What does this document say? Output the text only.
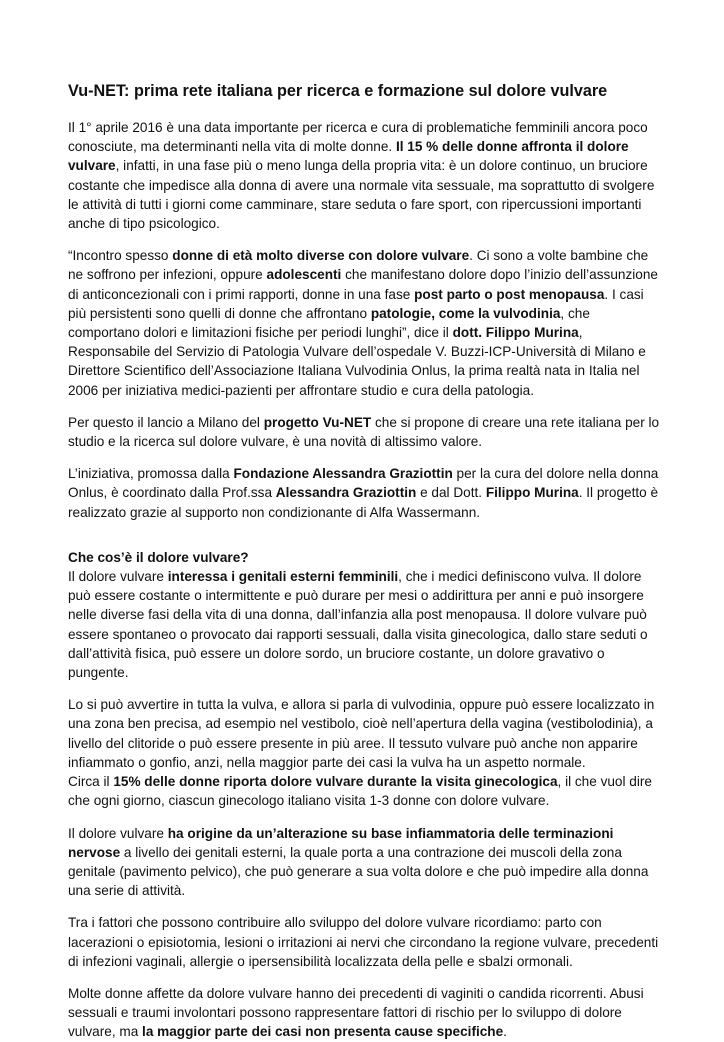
Vu-NET: prima rete italiana per ricerca e formazione sul dolore vulvare

Il 1° aprile 2016 è una data importante per ricerca e cura di problematiche femminili ancora poco conosciute, ma determinanti nella vita di molte donne. Il 15 % delle donne affronta il dolore vulvare, infatti, in una fase più o meno lunga della propria vita: è un dolore continuo, un bruciore costante che impedisce alla donna di avere una normale vita sessuale, ma soprattutto di svolgere le attività di tutti i giorni come camminare, stare seduta o fare sport, con ripercussioni importanti anche di tipo psicologico.

“Incontro spesso donne di età molto diverse con dolore vulvare. Ci sono a volte bambine che ne soffrono per infezioni, oppure adolescenti che manifestano dolore dopo l’inizio dell’assunzione di anticoncezionali con i primi rapporti, donne in una fase post parto o post menopausa. I casi più persistenti sono quelli di donne che affrontano patologie, come la vulvodinia, che comportano dolori e limitazioni fisiche per periodi lunghi”, dice il dott. Filippo Murina, Responsabile del Servizio di Patologia Vulvare dell’ospedale V. Buzzi-ICP-Università di Milano e Direttore Scientifico dell’Associazione Italiana Vulvodinia Onlus, la prima realtà nata in Italia nel 2006 per iniziativa medici-pazienti per affrontare studio e cura della patologia.

Per questo il lancio a Milano del progetto Vu-NET che si propone di creare una rete italiana per lo studio e la ricerca sul dolore vulvare, è una novità di altissimo valore.

L’iniziativa, promossa dalla Fondazione Alessandra Graziottin per la cura del dolore nella donna Onlus, è coordinato dalla Prof.ssa Alessandra Graziottin e dal Dott. Filippo Murina. Il progetto è realizzato grazie al supporto non condizionante di Alfa Wassermann.

Che cos’è il dolore vulvare?

Il dolore vulvare interessa i genitali esterni femminili, che i medici definiscono vulva. Il dolore può essere costante o intermittente e può durare per mesi o addirittura per anni e può insorgere nelle diverse fasi della vita di una donna, dall’infanzia alla post menopausa. Il dolore vulvare può essere spontaneo o provocato dai rapporti sessuali, dalla visita ginecologica, dallo stare seduti o dall’attività fisica, può essere un dolore sordo, un bruciore costante, un dolore gravativo o pungente.

Lo si può avvertire in tutta la vulva, e allora si parla di vulvodinia, oppure può essere localizzato in una zona ben precisa, ad esempio nel vestibolo, cioè nell’apertura della vagina (vestibolodinia), a livello del clitoride o può essere presente in più aree. Il tessuto vulvare può anche non apparire infiammato o gonfio, anzi, nella maggior parte dei casi la vulva ha un aspetto normale.

Circa il 15% delle donne riporta dolore vulvare durante la visita ginecologica, il che vuol dire che ogni giorno, ciascun ginecologo italiano visita 1-3 donne con dolore vulvare.

Il dolore vulvare ha origine da un’alterazione su base infiammatoria delle terminazioni nervose a livello dei genitali esterni, la quale porta a una contrazione dei muscoli della zona genitale (pavimento pelvico), che può generare a sua volta dolore e che può impedire alla donna una serie di attività.

Tra i fattori che possono contribuire allo sviluppo del dolore vulvare ricordiamo: parto con lacerazioni o episiotomia, lesioni o irritazioni ai nervi che circondano la regione vulvare, precedenti di infezioni vaginali, allergie o ipersensibilità localizzata della pelle e sbalzi ormonali.

Molte donne affette da dolore vulvare hanno dei precedenti di vaginiti o candida ricorrenti. Abusi sessuali e traumi involontari possono rappresentare fattori di rischio per lo sviluppo di dolore vulvare, ma la maggior parte dei casi non presenta cause specifiche.
